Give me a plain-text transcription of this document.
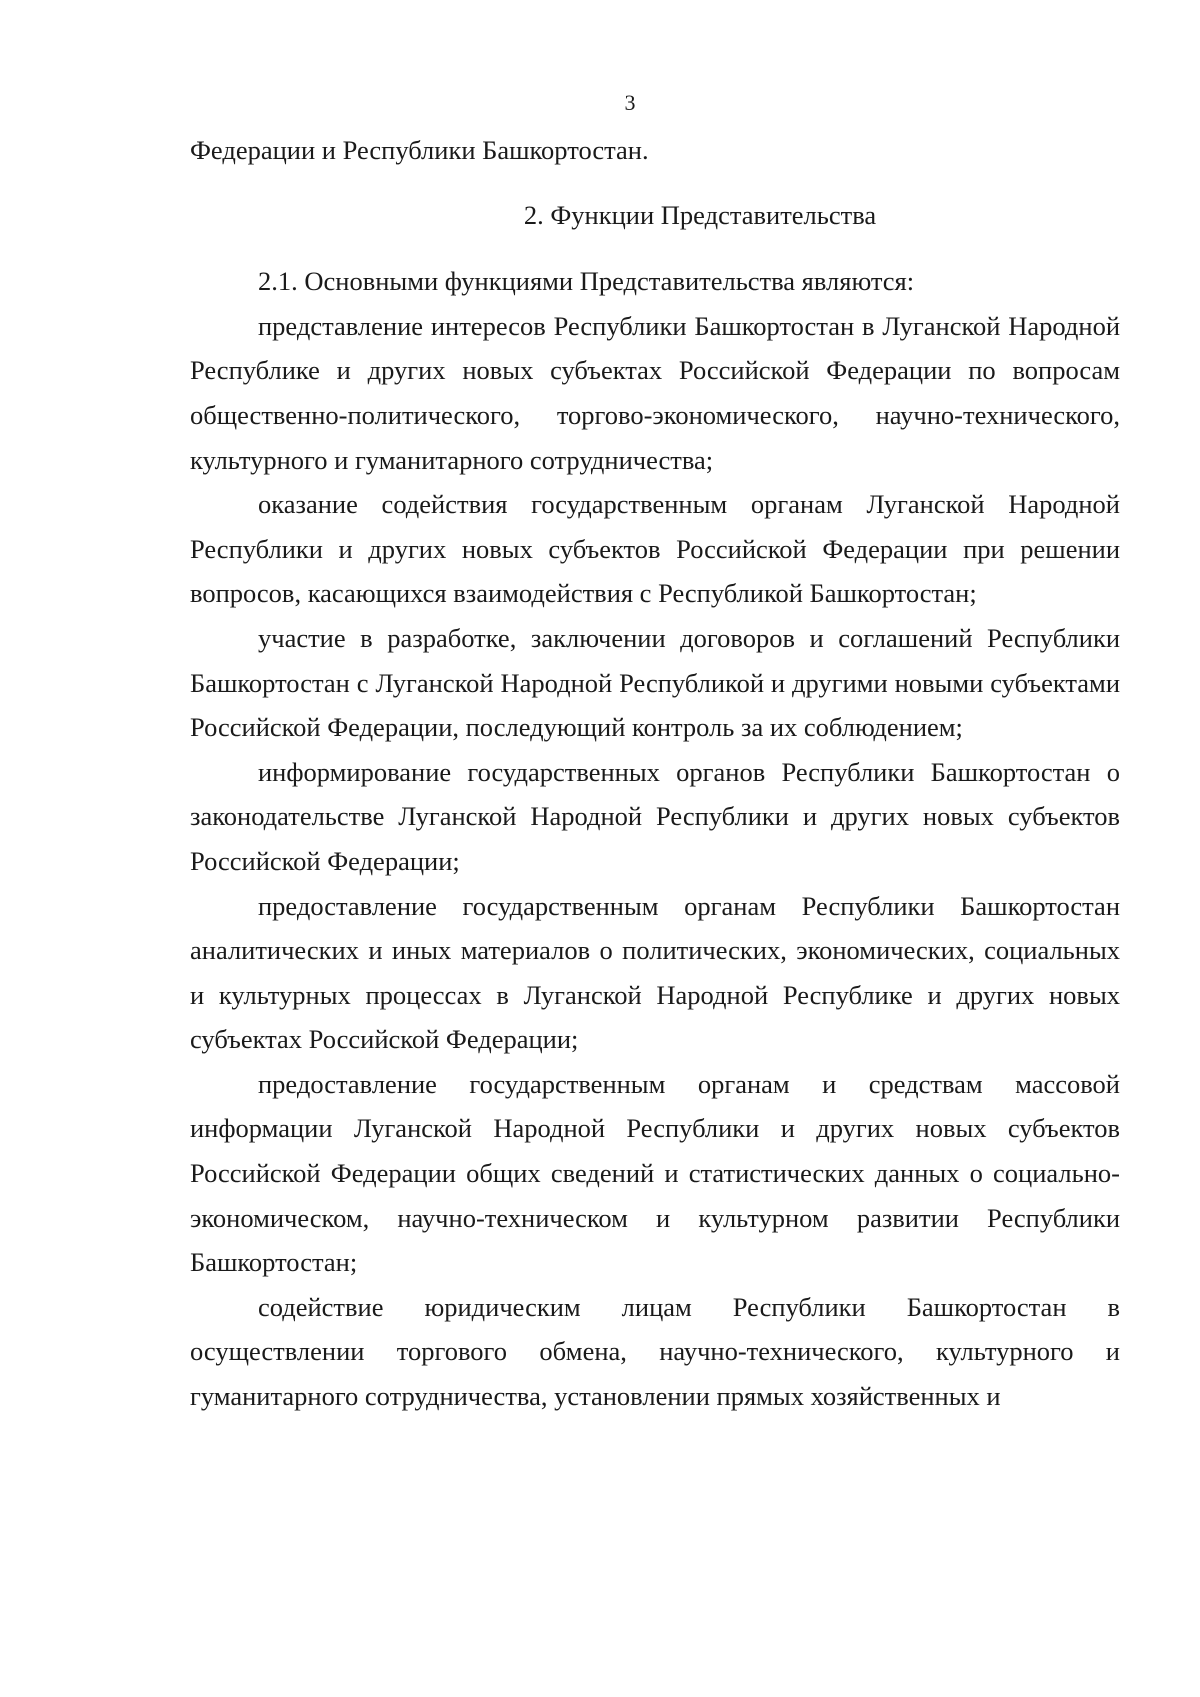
3

Федерации и Республики Башкортостан.

2. Функции Представительства

2.1. Основными функциями Представительства являются:

представление интересов Республики Башкортостан в Луганской Народной Республике и других новых субъектах Российской Федерации по вопросам общественно-политического, торгово-экономического, научно-технического, культурного и гуманитарного сотрудничества;

оказание содействия государственным органам Луганской Народной Республики и других новых субъектов Российской Федерации при решении вопросов, касающихся взаимодействия с Республикой Башкортостан;

участие в разработке, заключении договоров и соглашений Республики Башкортостан с Луганской Народной Республикой и другими новыми субъектами Российской Федерации, последующий контроль за их соблюдением;

информирование государственных органов Республики Башкортостан о законодательстве Луганской Народной Республики и других новых субъектов Российской Федерации;

предоставление государственным органам Республики Башкортостан аналитических и иных материалов о политических, экономических, социальных и культурных процессах в Луганской Народной Республике и других новых субъектах Российской Федерации;

предоставление государственным органам и средствам массовой информации Луганской Народной Республики и других новых субъектов Российской Федерации общих сведений и статистических данных о социально-экономическом, научно-техническом и культурном развитии Республики Башкортостан;

содействие юридическим лицам Республики Башкортостан в осуществлении торгового обмена, научно-технического, культурного и гуманитарного сотрудничества, установлении прямых хозяйственных и
